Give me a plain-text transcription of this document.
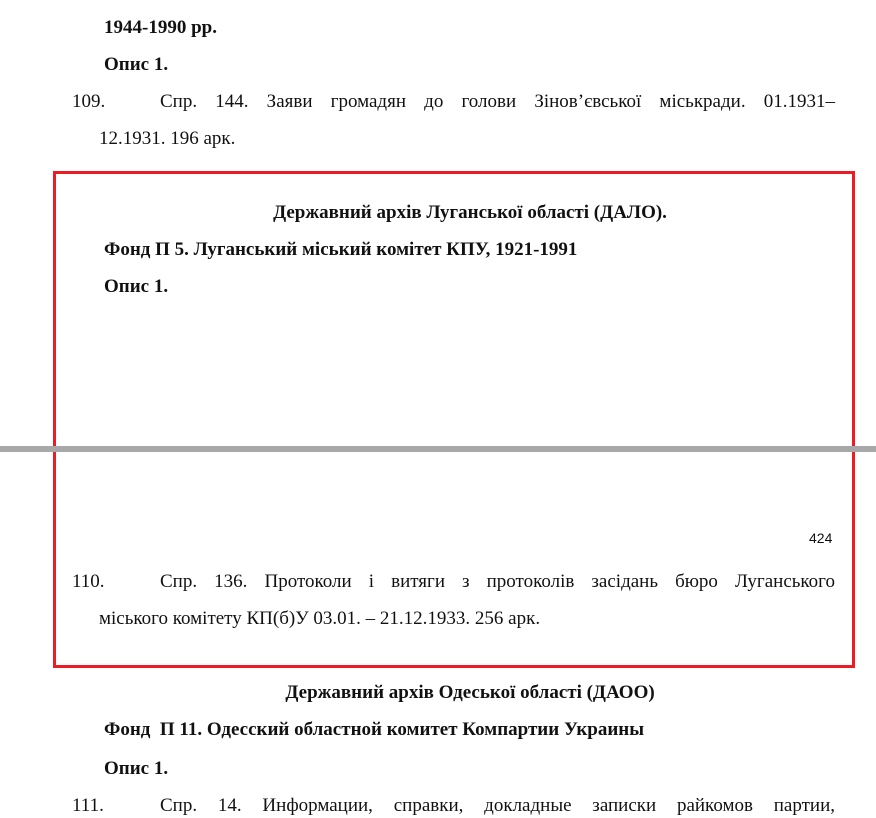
1944-1990 рр.
Опис 1.
109.	Спр. 144. Заяви громадян до голови Зінов’євської міськради. 01.1931–
12.1931. 196 арк.
Державний архів Луганської області (ДАЛО).
Фонд П 5. Луганський міський комітет КПУ, 1921-1991
Опис 1.
424
110.	Спр. 136. Протоколи і витяги з протоколів засідань бюро Луганського
міського комітету КП(б)У 03.01. – 21.12.1933. 256 арк.
Державний архів Одеської області (ДАОО)
Фонд  П 11. Одесский областной комитет Компартии Украины
Опис 1.
111.	Спр. 14. Информации, справки, докладные записки райкомов партии,
